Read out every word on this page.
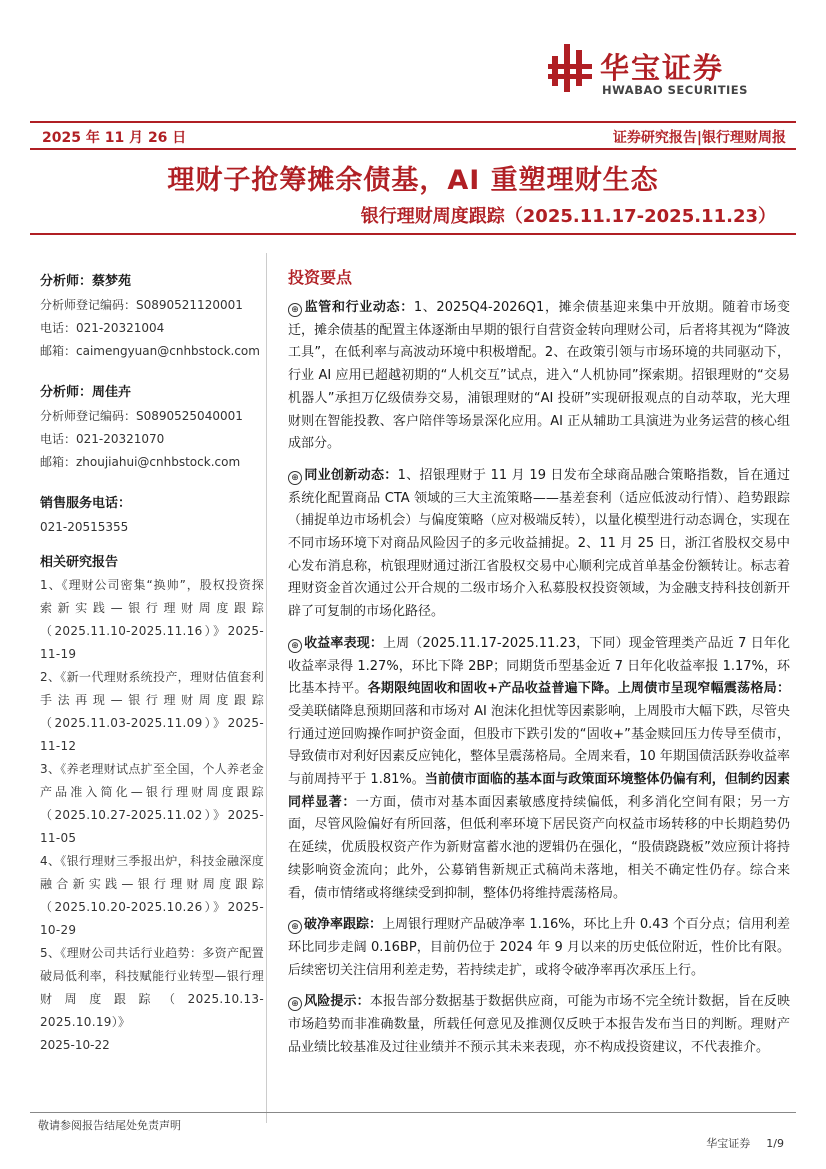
华宝证券
HWABAO SECURITIES
2025 年 11 月 26 日	证券研究报告|银行理财周报
理财子抢筹摊余债基，AI 重塑理财生态
银行理财周度跟踪（2025.11.17-2025.11.23）
分析师：蔡梦苑
分析师登记编码：S0890521120001
电话：021-20321004
邮箱：caimengyuan@cnhbstock.com
分析师：周佳卉
分析师登记编码：S0890525040001
电话：021-20321070
邮箱：zhoujiahui@cnhbstock.com
销售服务电话：
021-20515355
相关研究报告
1、《理财公司密集“换帅”，股权投资探索新实践—银行理财周度跟踪（2025.11.10-2025.11.16）》2025-11-19
2、《新一代理财系统投产，理财估值套利手法再现—银行理财周度跟踪（2025.11.03-2025.11.09）》2025-11-12
3、《养老理财试点扩至全国，个人养老金产品准入简化—银行理财周度跟踪（2025.10.27-2025.11.02）》2025-11-05
4、《银行理财三季报出炉，科技金融深度融合新实践—银行理财周度跟踪（2025.10.20-2025.10.26）》2025-10-29
5、《理财公司共话行业趋势：多资产配置破局低利率，科技赋能行业转型—银行理财周度跟踪（2025.10.13-2025.10.19）》
2025-10-22
投资要点
⊕ 监管和行业动态：1、2025Q4-2026Q1，摊余债基迎来集中开放期。随着市场变迁，摊余债基的配置主体逐渐由早期的银行自营资金转向理财公司，后者将其视为“降波工具”，在低利率与高波动环境中积极增配。2、在政策引领与市场环境的共同驱动下，行业 AI 应用已超越初期的“人机交互”试点，进入“人机协同”探索期。招银理财的“交易机器人”承担万亿级债券交易，浦银理财的“AI 投研”实现研报观点的自动萃取，光大理财则在智能投教、客户陪伴等场景深化应用。AI 正从辅助工具演进为业务运营的核心组成部分。
⊕ 同业创新动态：1、招银理财于 11 月 19 日发布全球商品融合策略指数，旨在通过系统化配置商品 CTA 领域的三大主流策略——基差套利（适应低波动行情）、趋势跟踪（捕捉单边市场机会）与偏度策略（应对极端反转），以量化模型进行动态调仓，实现在不同市场环境下对商品风险因子的多元收益捕捉。2、11 月 25 日，浙江省股权交易中心发布消息称，杭银理财通过浙江省股权交易中心顺利完成首单基金份额转让。标志着理财资金首次通过公开合规的二级市场介入私募股权投资领域，为金融支持科技创新开辟了可复制的市场化路径。
⊕ 收益率表现：上周（2025.11.17-2025.11.23，下同）现金管理类产品近 7 日年化收益率录得 1.27%，环比下降 2BP；同期货币型基金近 7 日年化收益率报 1.17%，环比基本持平。各期限纯固收和固收+产品收益普遍下降。上周债市呈现窄幅震荡格局：受美联储降息预期回落和市场对 AI 泡沫化担忧等因素影响，上周股市大幅下跌，尽管央行通过逆回购操作呵护资金面，但股市下跌引发的“固收+”基金赎回压力传导至债市，导致债市对利好因素反应钝化，整体呈震荡格局。全周来看，10 年期国债活跃券收益率与前周持平于 1.81%。当前债市面临的基本面与政策面环境整体仍偏有利，但制约因素同样显著：一方面，债市对基本面因素敏感度持续偏低，利多消化空间有限；另一方面，尽管风险偏好有所回落，但低利率环境下居民资产向权益市场转移的中长期趋势仍在延续，优质股权资产作为新财富蓄水池的逻辑仍在强化，“股债跷跷板”效应预计将持续影响资金流向；此外，公募销售新规正式稿尚未落地，相关不确定性仍存。综合来看，债市情绪或将继续受到抑制，整体仍将维持震荡格局。
⊕ 破净率跟踪：上周银行理财产品破净率 1.16%，环比上升 0.43 个百分点；信用利差环比同步走阔 0.16BP，目前仍位于 2024 年 9 月以来的历史低位附近，性价比有限。后续密切关注信用利差走势，若持续走扩，或将令破净率再次承压上行。
⊕ 风险提示：本报告部分数据基于数据供应商，可能为市场不完全统计数据，旨在反映市场趋势而非准确数量，所载任何意见及推测仅反映于本报告发布当日的判断。理财产品业绩比较基准及过往业绩并不预示其未来表现，亦不构成投资建议，不代表推介。
敬请参阅报告结尾处免责声明
华宝证券 1/9
